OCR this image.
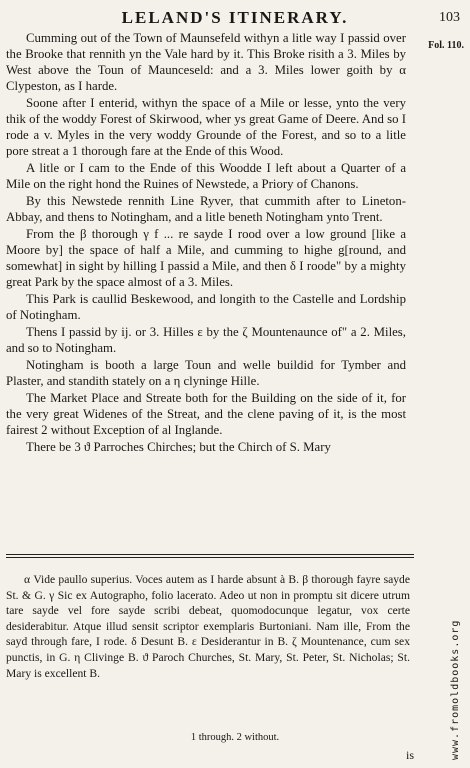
LELAND'S ITINERARY.	103
Fol. 110.

Cumming out of the Town of Maunsefeld withyn a litle way I passid over the Brooke that rennith yn the Vale hard by it. This Broke risith a 3. Miles by West above the Toun of Maunceseld: and a 3. Miles lower goith by α Clypeston, as I harde.

Soone after I enterid, withyn the space of a Mile or lesse, ynto the very thik of the woddy Forest of Skirwood, wher ys great Game of Deere. And so I rode a v. Myles in the very woddy Grounde of the Forest, and so to a litle pore streat a 1 thorough fare at the Ende of this Wood.

A litle or I cam to the Ende of this Woodde I left about a Quarter of a Mile on the right hond the Ruines of Newstede, a Priory of Chanons.

By this Newstede rennith Line Ryver, that cummith after to Lineton-Abbay, and thens to Notingham, and a litle beneth Notingham ynto Trent.

From the β thorough γ f ... re sayde I rood over a low ground [like a Moore by] the space of half a Mile, and cumming to highe g[round, and somewhat] in sight by hilling I passid a Mile, and then δ I roode" by a mighty great Park by the space almost of a 3. Miles.

This Park is caullid Beskewood, and longith to the Castelle and Lordship of Notingham.

Thens I passid by ij. or 3. Hilles ε by the ζ Mountenaunce of" a 2. Miles, and so to Notingham.

Notingham is booth a large Toun and welle buildid for Tymber and Plaster, and standith stately on a η clyninge Hille.

The Market Place and Streate both for the Building on the side of it, for the very great Widenes of the Streat, and the clene paving of it, is the most fairest 2 without Exception of al Inglande.

There be 3 ϑ Parroches Chirches; but the Chirch of S. Mary

α Vide paullo superius. Voces autem as I harde absunt à B. β thorough fayre sayde St. & G. γ Sic ex Autographo, folio lacerato. Adeo ut non in promptu sit dicere utrum tare sayde vel fore sayde scribi debeat, quomodocunque legatur, vox certe desiderabitur. Atque illud sensit scriptor exemplaris Burtoniani. Nam ille, From the sayd through fare, I rode. δ Desunt B. ε Desiderantur in B. ζ Mountenance, cum sex punctis, in G. η Clivinge B. ϑ Paroch Churches, St. Mary, St. Peter, St. Nicholas; St. Mary is excellent B.

1 through. 2 without.
is	www.fromoldbooks.org
